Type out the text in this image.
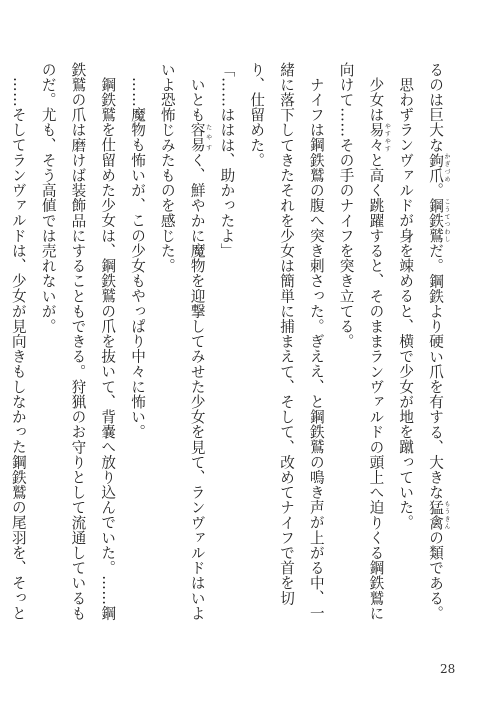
るのは巨大な鉤爪 かぎづめ。鋼鉄鷲 こうてつわしだ。鋼鉄より硬い爪を有する、大きな猛禽 もうきんの類である。

思わずランヴァルドが身を竦めると、横で少女が地を蹴っていた。

少女は易々 やすやすと高く跳躍すると、そのままランヴァルドの頭上へ迫りくる鋼鉄鷲に向けて……その手のナイフを突き立てる。

ナイフは鋼鉄鷲の腹へ突き刺さった。ぎええ、と鋼鉄鷲の鳴き声が上がる中、一緒に落下してきたそれを少女は簡単に捕まえて、そして、改めてナイフで首を切り、仕留めた。

「……ははは、助かったよ」

いとも容易 たやすく、鮮やかに魔物を迎撃してみせた少女を見て、ランヴァルドはいよいよ恐怖じみたものを感じた。

……魔物も怖いが、この少女もやっぱり中々に怖い。

鋼鉄鷲を仕留めた少女は、鋼鉄鷲の爪を抜いて、背嚢へ放り込んでいた。……鋼鉄鷲の爪は磨けば装飾品にすることもできる。狩猟のお守りとして流通しているものだ。尤も、そう高値では売れないが。

……そしてランヴァルドは、少女が見向きもしなかった鋼鉄鷲の尾羽を、そっと

28
